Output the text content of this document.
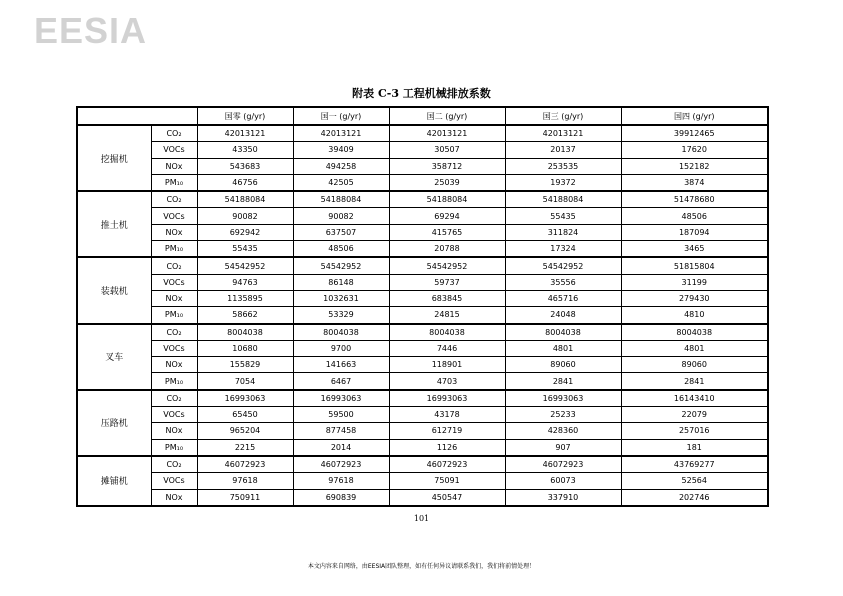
EESIA
附表 C-3 工程机械排放系数
		国零 (g/yr)	国一 (g/yr)	国二 (g/yr)	国三 (g/yr)	国四 (g/yr)
挖掘机	CO₂	42013121	42013121	42013121	42013121	39912465
	VOCs	43350	39409	30507	20137	17620
	NOx	543683	494258	358712	253535	152182
	PM₁₀	46756	42505	25039	19372	3874
推土机	CO₂	54188084	54188084	54188084	54188084	51478680
	VOCs	90082	90082	69294	55435	48506
	NOx	692942	637507	415765	311824	187094
	PM₁₀	55435	48506	20788	17324	3465
装载机	CO₂	54542952	54542952	54542952	54542952	51815804
	VOCs	94763	86148	59737	35556	31199
	NOx	1135895	1032631	683845	465716	279430
	PM₁₀	58662	53329	24815	24048	4810
叉车	CO₂	8004038	8004038	8004038	8004038	8004038
	VOCs	10680	9700	7446	4801	4801
	NOx	155829	141663	118901	89060	89060
	PM₁₀	7054	6467	4703	2841	2841
压路机	CO₂	16993063	16993063	16993063	16993063	16143410
	VOCs	65450	59500	43178	25233	22079
	NOx	965204	877458	612719	428360	257016
	PM₁₀	2215	2014	1126	907	181
摊铺机	CO₂	46072923	46072923	46072923	46072923	43769277
	VOCs	97618	97618	75091	60073	52564
	NOx	750911	690839	450547	337910	202746
101
本文内容来自网络，由EESIA团队整理，如有任何异议请联系我们，我们将前情处理！
